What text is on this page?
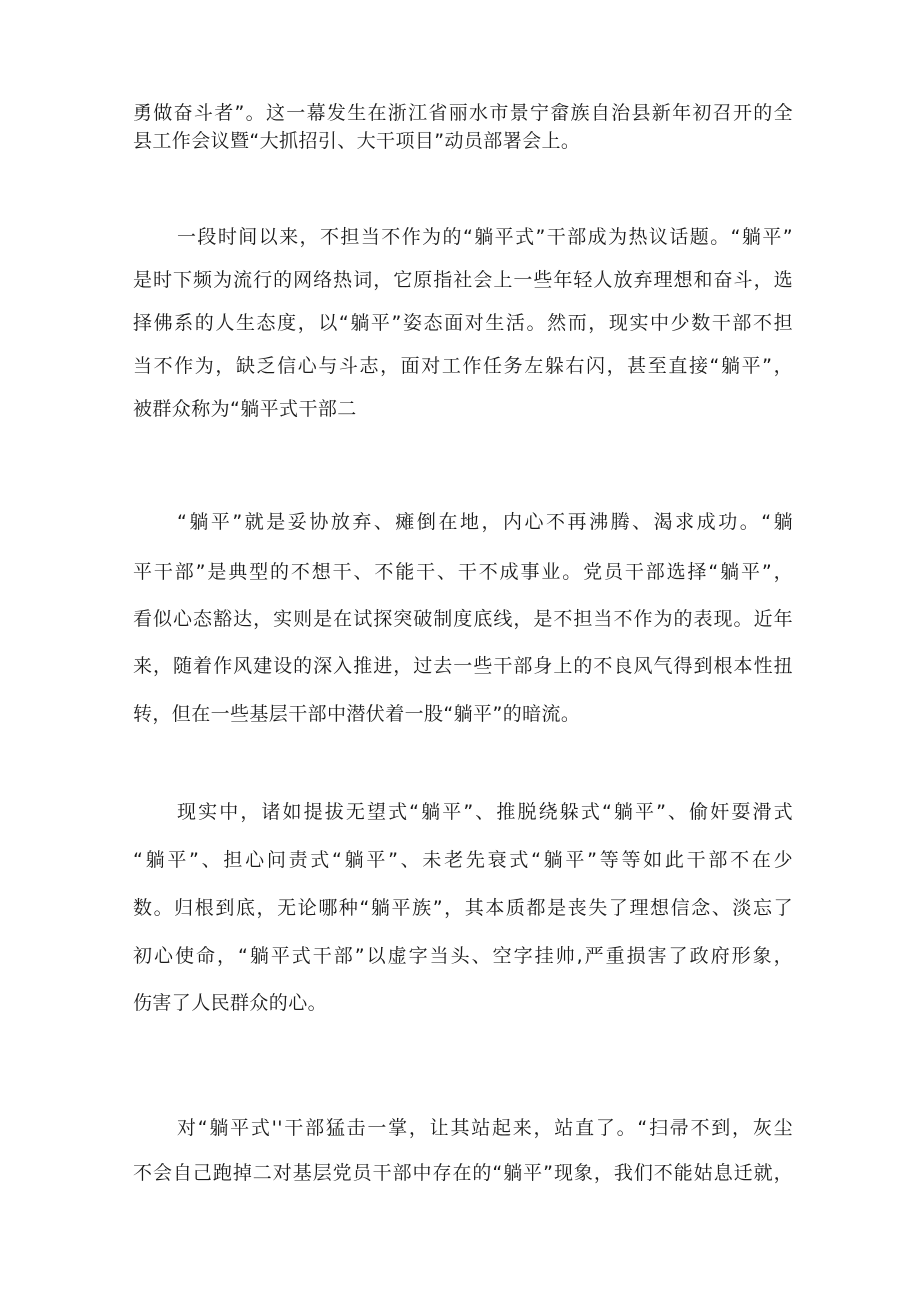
勇做奋斗者”。这一幕发生在浙江省丽水市景宁畲族自治县新年初召开的全
县工作会议暨“大抓招引、大干项目”动员部署会上。
一段时间以来，不担当不作为的“躺平式”干部成为热议话题。“躺平”
是时下频为流行的网络热词，它原指社会上一些年轻人放弃理想和奋斗，选
择佛系的人生态度，以“躺平”姿态面对生活。然而，现实中少数干部不担
当不作为，缺乏信心与斗志，面对工作任务左躲右闪，甚至直接“躺平”，
被群众称为“躺平式干部二
“躺平”就是妥协放弃、瘫倒在地，内心不再沸腾、渴求成功。“躺
平干部”是典型的不想干、不能干、干不成事业。党员干部选择“躺平”，
看似心态豁达，实则是在试探突破制度底线，是不担当不作为的表现。近年
来，随着作风建设的深入推进，过去一些干部身上的不良风气得到根本性扭
转，但在一些基层干部中潜伏着一股“躺平”的暗流。
现实中，诸如提拔无望式“躺平”、推脱绕躲式“躺平”、偷奸耍滑式
“躺平”、担心问责式“躺平”、未老先衰式“躺平”等等如此干部不在少
数。归根到底，无论哪种“躺平族”，其本质都是丧失了理想信念、淡忘了
初心使命，“躺平式干部”以虚字当头、空字挂帅,严重损害了政府形象，
伤害了人民群众的心。
对“躺平式''干部猛击一掌，让其站起来，站直了。“扫帚不到，灰尘
不会自己跑掉二对基层党员干部中存在的“躺平”现象，我们不能姑息迁就，
